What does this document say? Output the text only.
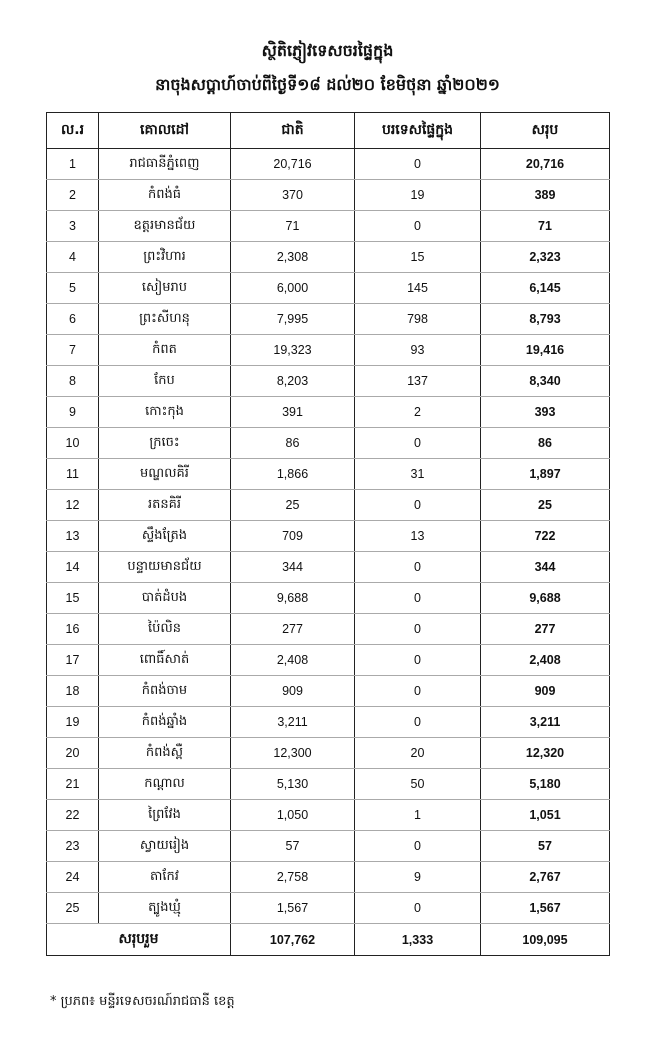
ស្ថិតិភ្ញៀវទេសចរផ្ទៃក្នុង
នាចុងសប្តាហ៍ចាប់ពីថ្ងៃទី១៨ ដល់២០ ខែមិថុនា ឆ្នាំ២០២១
ល.រ	គោលដៅ	ជាតិ	បរទេសផ្ទៃក្នុង	សរុប
1	រាជធានីភ្នំពេញ	20,716	0	20,716
2	កំពង់ធំ	370	19	389
3	ឧត្តរមានជ័យ	71	0	71
4	ព្រះវិហារ	2,308	15	2,323
5	សៀមរាប	6,000	145	6,145
6	ព្រះសីហនុ	7,995	798	8,793
7	កំពត	19,323	93	19,416
8	កែប	8,203	137	8,340
9	កោះកុង	391	2	393
10	ក្រចេះ	86	0	86
11	មណ្ឌលគិរី	1,866	31	1,897
12	រតនគិរី	25	0	25
13	ស្ទឹងត្រែង	709	13	722
14	បន្ទាយមានជ័យ	344	0	344
15	បាត់ដំបង	9,688	0	9,688
16	ប៉ៃលិន	277	0	277
17	ពោធិ៍សាត់	2,408	0	2,408
18	កំពង់ចាម	909	0	909
19	កំពង់ឆ្នាំង	3,211	0	3,211
20	កំពង់ស្ពឺ	12,300	20	12,320
21	កណ្តាល	5,130	50	5,180
22	ព្រៃវែង	1,050	1	1,051
23	ស្វាយរៀង	57	0	57
24	តាកែវ	2,758	9	2,767
25	ត្បូងឃ្មុំ	1,567	0	1,567
សរុបរួម		107,762	1,333	109,095
* ប្រភព៖ មន្ទីរទេសចរណ៍រាជធានី ខេត្ត
